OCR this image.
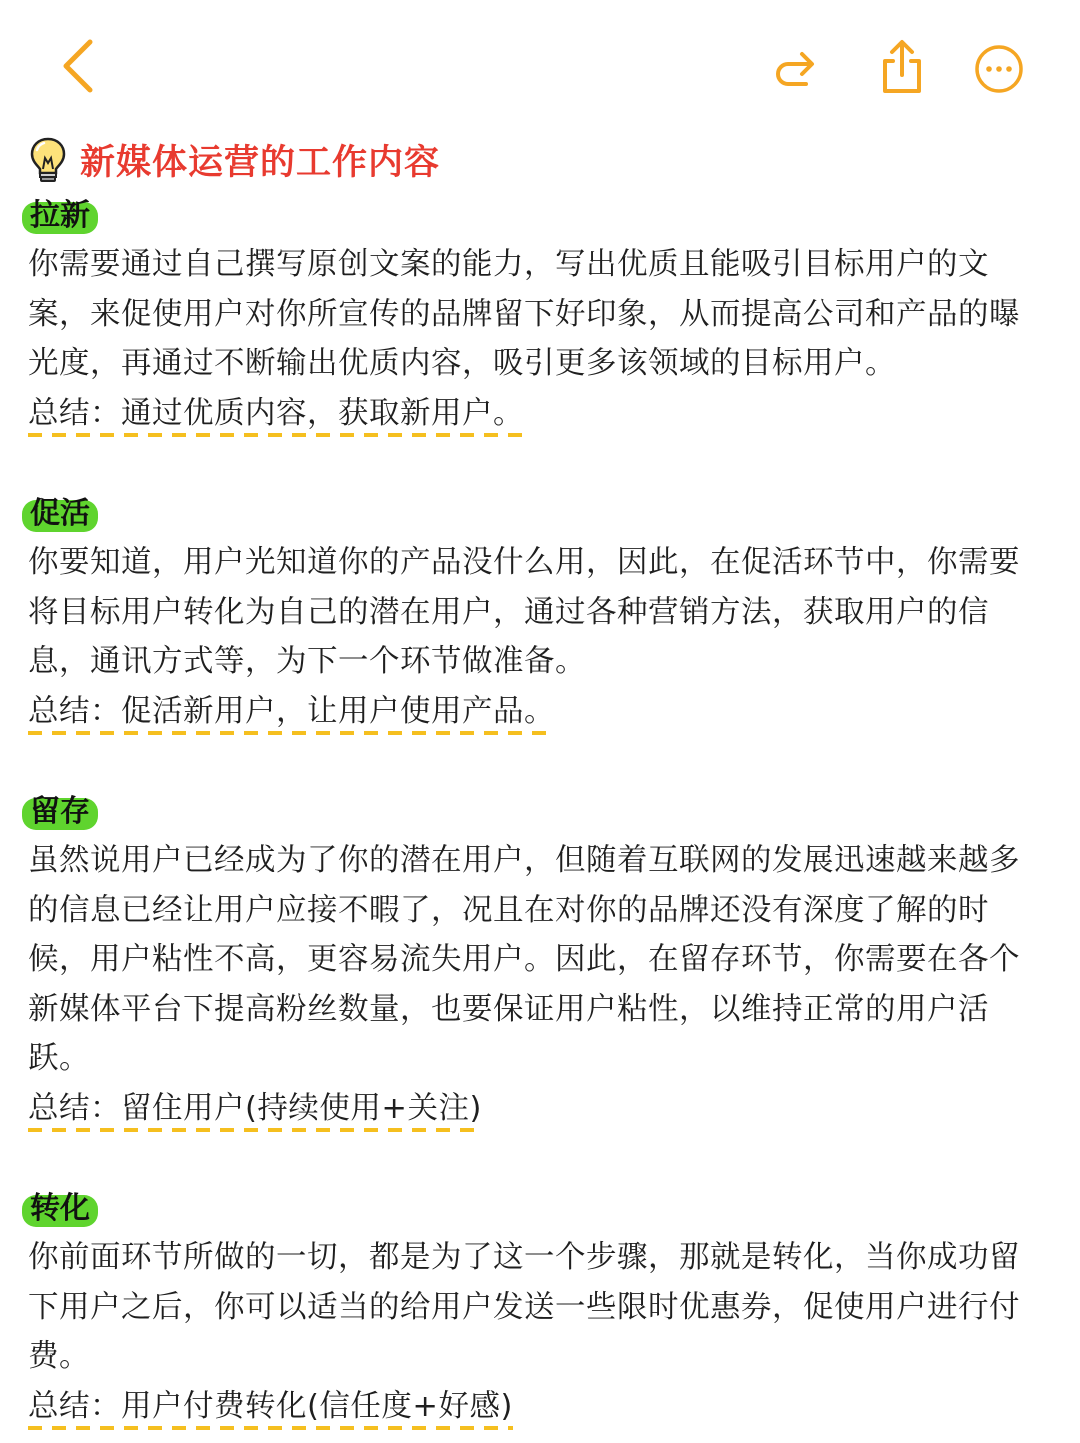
新媒体运营的工作内容
拉新

你需要通过自己撰写原创文案的能力，写出优质且能吸引目标用户的文案，来促使用户对你所宣传的品牌留下好印象，从而提高公司和产品的曝光度，再通过不断输出优质内容，吸引更多该领域的目标用户。

总结：通过优质内容，获取新用户。
促活

你要知道，用户光知道你的产品没什么用，因此，在促活环节中，你需要将目标用户转化为自己的潜在用户，通过各种营销方法，获取用户的信息，通讯方式等，为下一个环节做准备。

总结：促活新用户，让用户使用产品。
留存

虽然说用户已经成为了你的潜在用户，但随着互联网的发展迅速越来越多的信息已经让用户应接不暇了，况且在对你的品牌还没有深度了解的时候，用户粘性不高，更容易流失用户。因此，在留存环节，你需要在各个新媒体平台下提高粉丝数量，也要保证用户粘性，以维持正常的用户活跃。

总结：留住用户(持续使用+关注)
转化

你前面环节所做的一切，都是为了这一个步骤，那就是转化，当你成功留下用户之后，你可以适当的给用户发送一些限时优惠券，促使用户进行付费。

总结：用户付费转化(信任度+好感)
